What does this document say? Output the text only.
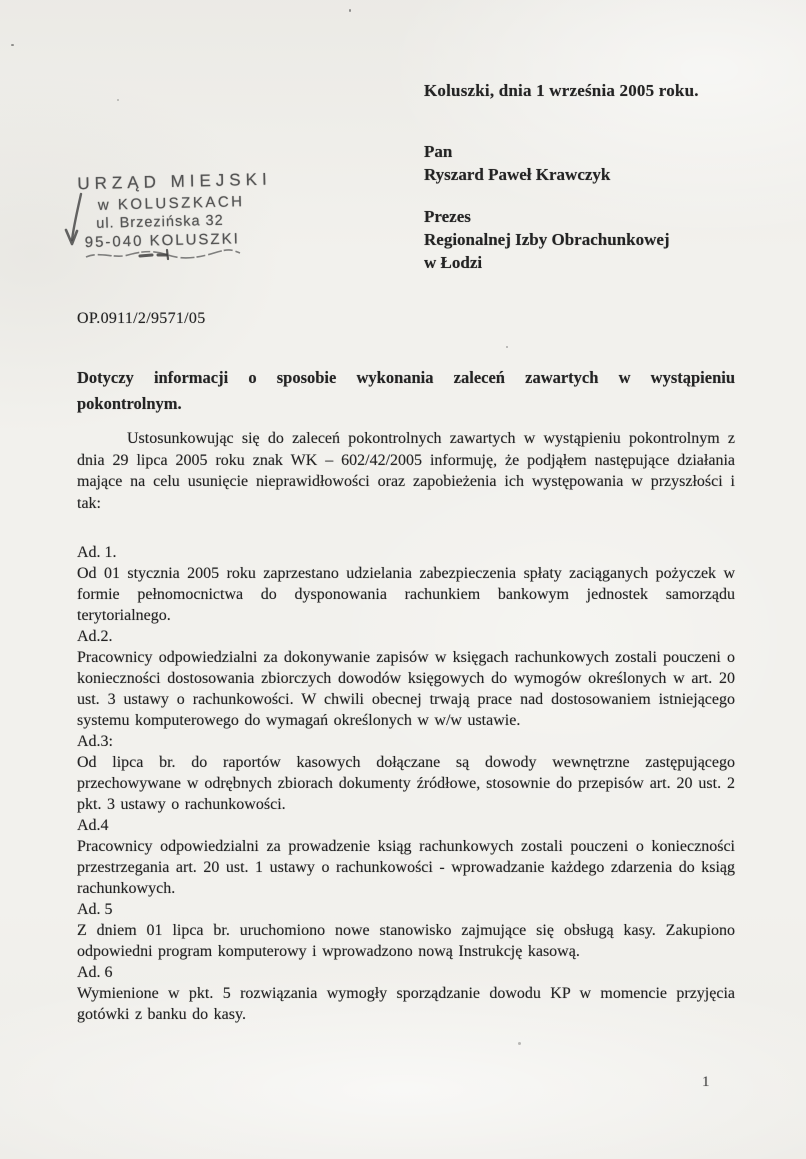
Koluszki, dnia 1 września 2005 roku.
URZĄD MIEJSKI
w KOLUSZKACH
ul. Brzezińska 32
95-040 KOLUSZKI
Pan
Ryszard Paweł Krawczyk
Prezes
Regionalnej Izby Obrachunkowej
w Łodzi
OP.0911/2/9571/05
Dotyczy informacji o sposobie wykonania zaleceń zawartych w wystąpieniu pokontrolnym.

Ustosunkowując się do zaleceń pokontrolnych zawartych w wystąpieniu pokontrolnym z dnia 29 lipca 2005 roku znak WK – 602/42/2005 informuję, że podjąłem następujące działania mające na celu usunięcie nieprawidłowości oraz zapobieżenia ich występowania w przyszłości i tak:

Ad. 1.

Od 01 stycznia 2005 roku zaprzestano udzielania zabezpieczenia spłaty zaciąganych pożyczek w formie pełnomocnictwa do dysponowania rachunkiem bankowym jednostek samorządu terytorialnego.

Ad.2.

Pracownicy odpowiedzialni za dokonywanie zapisów w księgach rachunkowych zostali pouczeni o konieczności dostosowania zbiorczych dowodów księgowych do wymogów określonych w art. 20 ust. 3 ustawy o rachunkowości. W chwili obecnej trwają prace nad dostosowaniem istniejącego systemu komputerowego do wymagań określonych w w/w ustawie.

Ad.3:

Od lipca br. do raportów kasowych dołączane są dowody wewnętrzne zastępującego przechowywane w odrębnych zbiorach dokumenty źródłowe, stosownie do przepisów art. 20 ust. 2 pkt. 3 ustawy o rachunkowości.

Ad.4

Pracownicy odpowiedzialni za prowadzenie ksiąg rachunkowych zostali pouczeni o konieczności przestrzegania art. 20 ust. 1 ustawy o rachunkowości - wprowadzanie każdego zdarzenia do ksiąg rachunkowych.

Ad. 5

Z dniem 01 lipca br. uruchomiono nowe stanowisko zajmujące się obsługą kasy. Zakupiono odpowiedni program komputerowy i wprowadzono nową Instrukcję kasową.

Ad. 6

Wymienione w pkt. 5 rozwiązania wymogły sporządzanie dowodu KP w momencie przyjęcia gotówki z banku do kasy.

1
